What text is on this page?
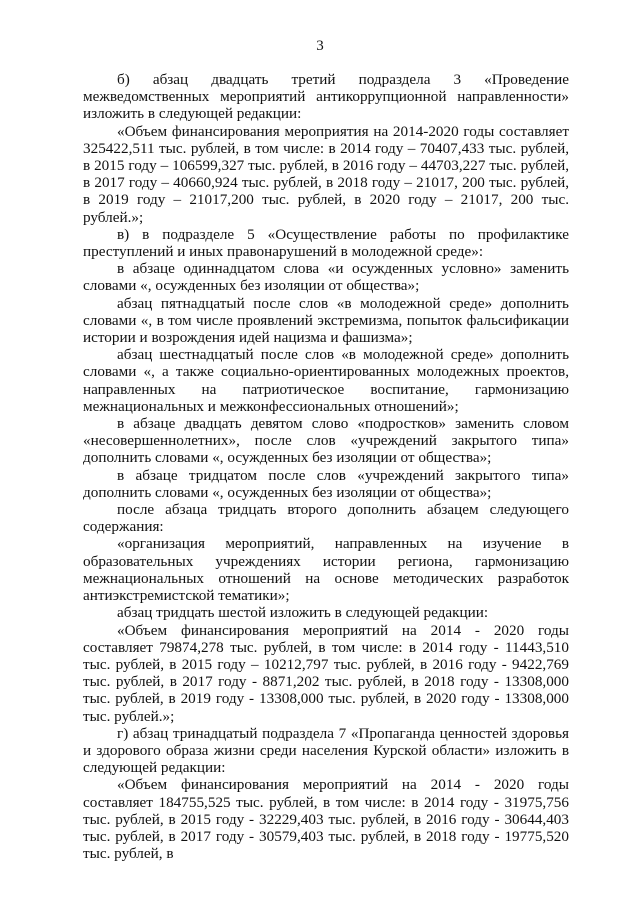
3

б) абзац двадцать третий подраздела 3 «Проведение межведомственных мероприятий антикоррупционной направленности» изложить в следующей редакции:

«Объем финансирования мероприятия на 2014-2020 годы составляет 325422,511 тыс. рублей, в том числе: в 2014 году – 70407,433 тыс. рублей, в 2015 году – 106599,327 тыс. рублей, в 2016 году – 44703,227 тыс. рублей, в 2017 году – 40660,924 тыс. рублей, в 2018 году – 21017, 200 тыс. рублей, в 2019 году – 21017,200 тыс. рублей, в 2020 году – 21017, 200 тыс. рублей.»;

в) в подразделе 5 «Осуществление работы по профилактике преступлений и иных правонарушений в молодежной среде»:

в абзаце одиннадцатом слова «и осужденных условно» заменить словами «, осужденных без изоляции от общества»;

абзац пятнадцатый после слов «в молодежной среде» дополнить словами «, в том числе проявлений экстремизма, попыток фальсификации истории и возрождения идей нацизма и фашизма»;

абзац шестнадцатый после слов «в молодежной среде» дополнить словами «, а также социально-ориентированных молодежных проектов, направленных на патриотическое воспитание, гармонизацию межнациональных и межконфессиональных отношений»;

в абзаце двадцать девятом слово «подростков» заменить словом «несовершеннолетних», после слов «учреждений закрытого типа» дополнить словами «, осужденных без изоляции от общества»;

в абзаце тридцатом после слов «учреждений закрытого типа» дополнить словами «, осужденных без изоляции от общества»;

после абзаца тридцать второго дополнить абзацем следующего содержания:

«организация мероприятий, направленных на изучение в образовательных учреждениях истории региона, гармонизацию межнациональных отношений на основе методических разработок антиэкстремистской тематики»;

абзац тридцать шестой изложить в следующей редакции:

«Объем финансирования мероприятий на 2014 - 2020 годы составляет 79874,278 тыс. рублей, в том числе: в 2014 году - 11443,510 тыс. рублей, в 2015 году – 10212,797 тыс. рублей, в 2016 году - 9422,769 тыс. рублей, в 2017 году - 8871,202 тыс. рублей, в 2018 году - 13308,000 тыс. рублей, в 2019 году - 13308,000 тыс. рублей, в 2020 году - 13308,000 тыс. рублей.»;

г) абзац тринадцатый подраздела 7 «Пропаганда ценностей здоровья и здорового образа жизни среди населения Курской области» изложить в следующей редакции:

«Объем финансирования мероприятий на 2014 - 2020 годы составляет 184755,525 тыс. рублей, в том числе: в 2014 году - 31975,756 тыс. рублей, в 2015 году - 32229,403 тыс. рублей, в 2016 году - 30644,403 тыс. рублей, в 2017 году - 30579,403 тыс. рублей, в 2018 году - 19775,520 тыс. рублей, в
